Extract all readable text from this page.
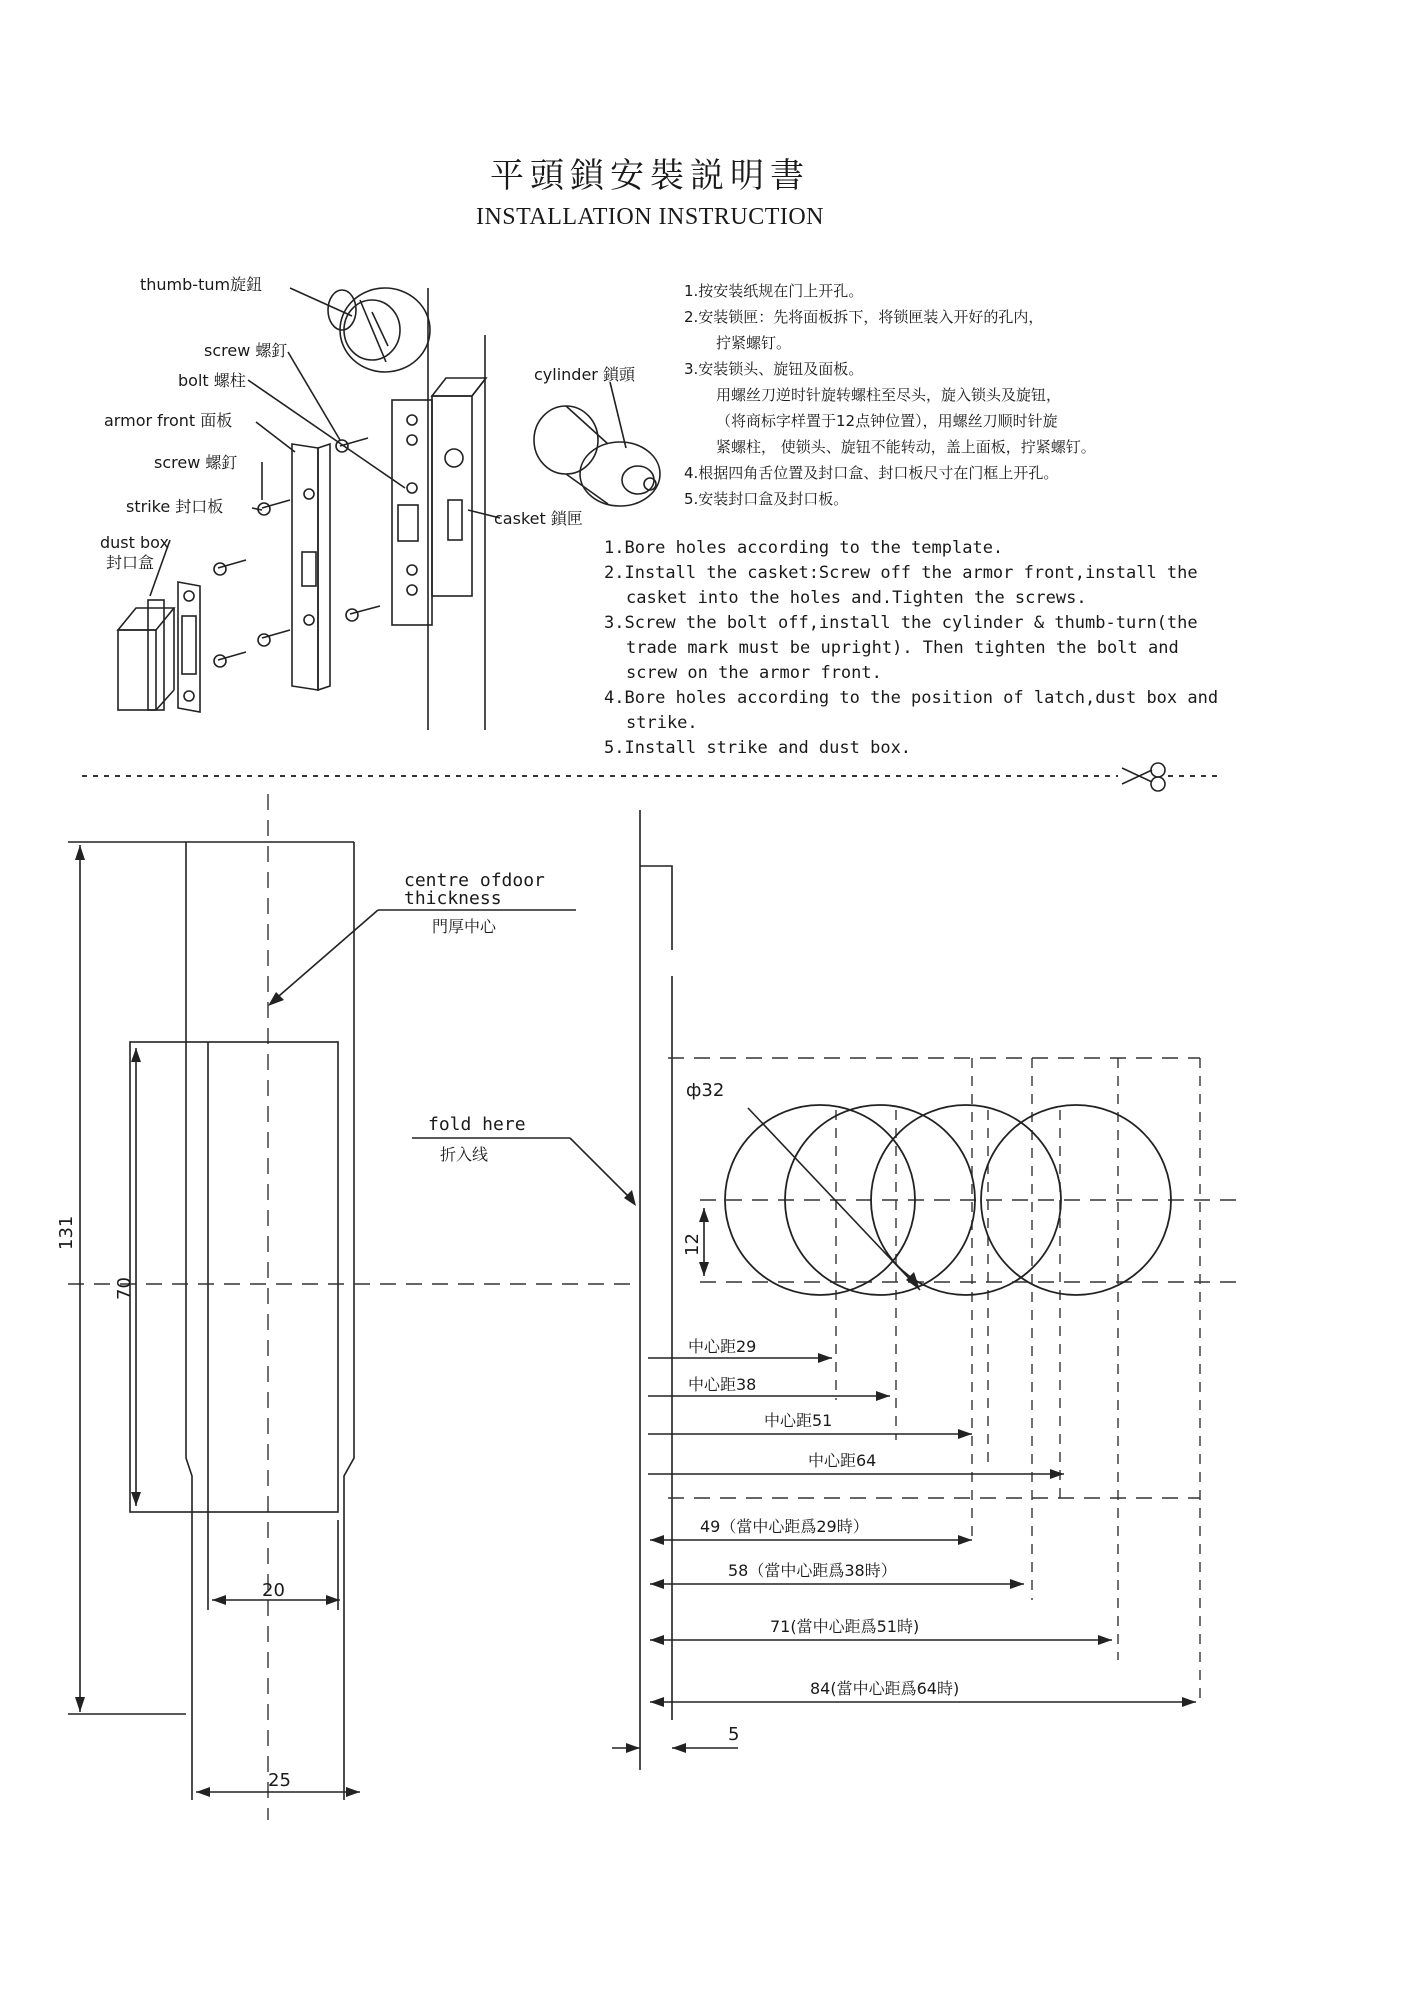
平頭鎖安裝説明書
INSTALLATION INSTRUCTION
1.按安装纸规在门上开孔。
2.安装锁匣：先将面板拆下，将锁匣装入开好的孔内，
拧紧螺钉。
3.安装锁头、旋钮及面板。
用螺丝刀逆时针旋转螺柱至尽头，旋入锁头及旋钮，
（将商标字样置于12点钟位置），用螺丝刀顺时针旋
紧螺柱， 使锁头、旋钮不能转动，盖上面板，拧紧螺钉。
4.根据四角舌位置及封口盒、封口板尺寸在门框上开孔。
5.安装封口盒及封口板。
1.Bore holes according to the template.
2.Install the casket:Screw off the armor front,install the
casket into the holes and.Tighten the screws.
3.Screw the bolt off,install the cylinder & thumb-turn(the
trade mark must be upright). Then tighten the bolt and
screw on the armor front.
4.Bore holes according to the position of latch,dust box and
strike.
5.Install strike and dust box.
thumb-tum旋鈕
screw 螺釘
bolt 螺柱
armor front 面板
screw 螺釘
strike 封口板
dust box
封口盒
cylinder 鎖頭
casket 鎖匣
131
70
20
25
centre ofdoor
thickness
門厚中心
fold here
折入线
ф32
12
中心距29
中心距38
中心距51
中心距64
49（當中心距爲29時）
58（當中心距爲38時）
71(當中心距爲51時)
84(當中心距爲64時)
5
